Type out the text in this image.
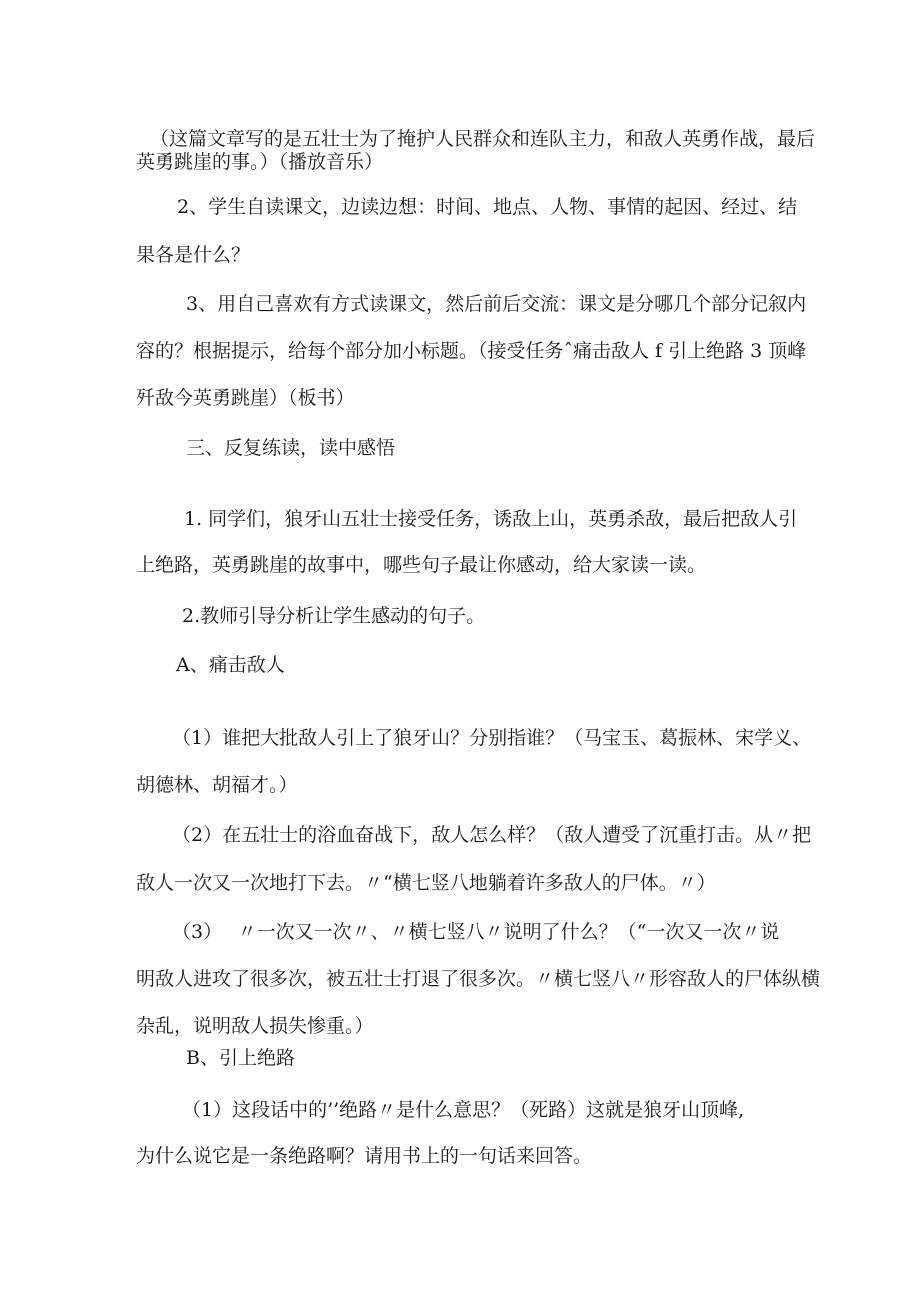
（这篇文章写的是五壮士为了掩护人民群众和连队主力，和敌人英勇作战，最后
英勇跳崖的事。）（播放音乐）
2、学生自读课文，边读边想：时间、地点、人物、事情的起因、经过、结
果各是什么？
3、用自己喜欢有方式读课文，然后前后交流：课文是分哪几个部分记叙内
容的？根据提示，给每个部分加小标题。（接受任务ˆ痛击敌人 f 引上绝路 3 顶峰
歼敌今英勇跳崖）（板书）
三、反复练读，读中感悟
1. 同学们，狼牙山五壮士接受任务，诱敌上山，英勇杀敌，最后把敌人引
上绝路，英勇跳崖的故事中，哪些句子最让你感动，给大家读一读。
2.教师引导分析让学生感动的句子。
A、痛击敌人
（1）谁把大批敌人引上了狼牙山？分别指谁？（马宝玉、葛振林、宋学义、
胡德林、胡福才。）
（2）在五壮士的浴血奋战下，敌人怎么样？（敌人遭受了沉重打击。从〃把
敌人一次又一次地打下去。〃“横七竖八地躺着许多敌人的尸体。〃）
（3）　 〃一次又一次〃、〃横七竖八〃说明了什么？（“一次又一次〃说
明敌人进攻了很多次，被五壮士打退了很多次。〃横七竖八〃形容敌人的尸体纵横
杂乱，说明敌人损失惨重。）
B、引上绝路
（1）这段话中的’’绝路〃是什么意思？（死路）这就是狼牙山顶峰,
为什么说它是一条绝路啊？请用书上的一句话来回答。
